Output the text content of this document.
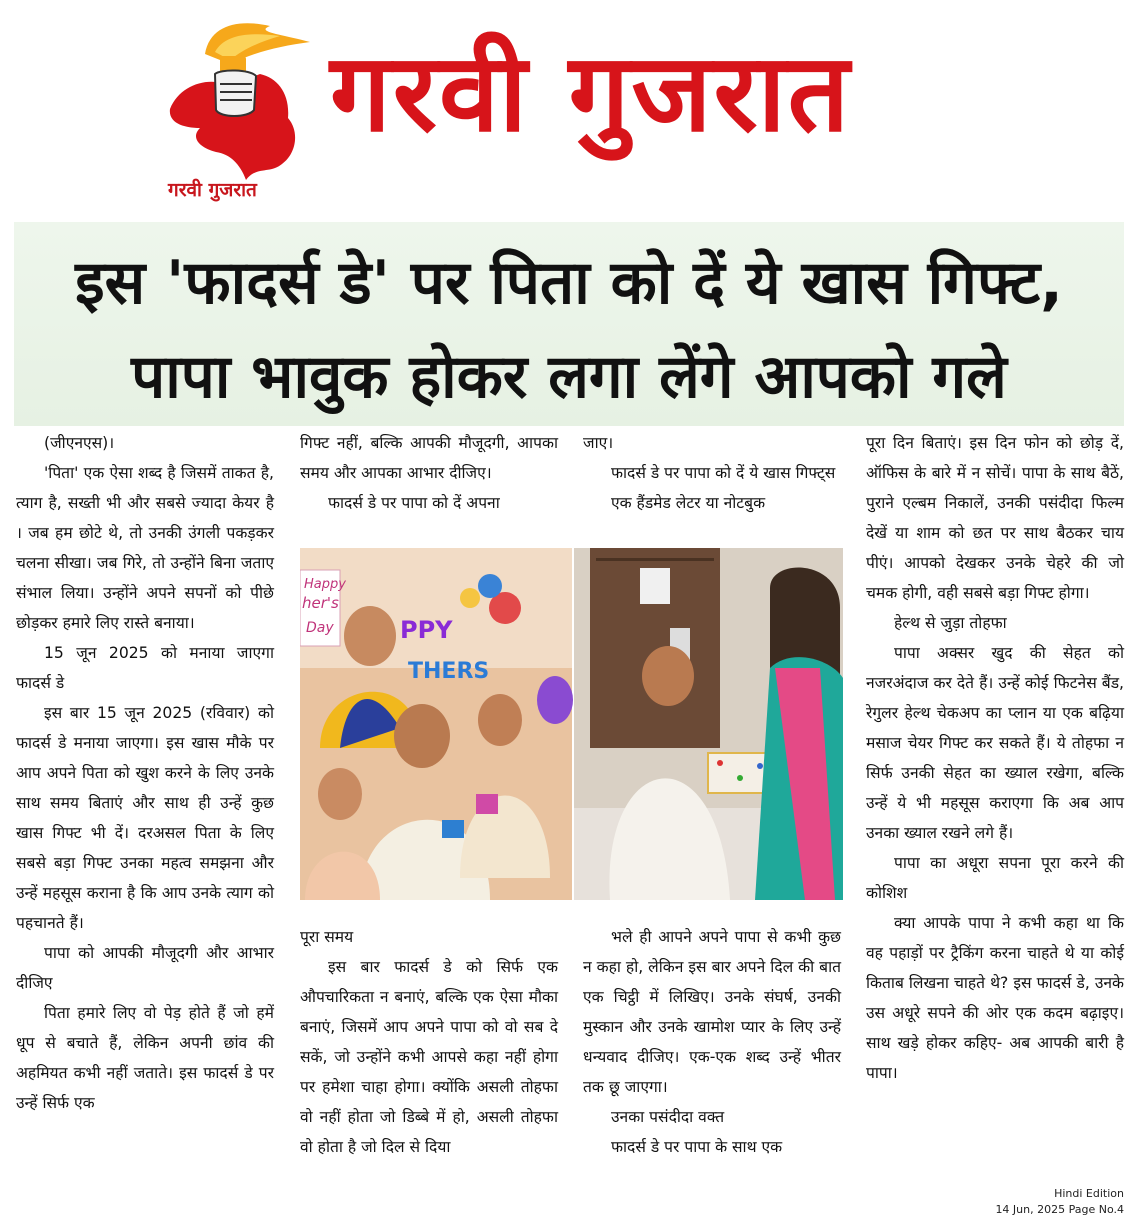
गरवी गुजरात
गरवी गुजरात
इस 'फादर्स डे' पर पिता को दें ये खास गिफ्ट,
पापा भावुक होकर लगा लेंगे आपको गले

(जीएनएस)।

'पिता' एक ऐसा शब्द है जिसमें ताकत है, त्याग है, सख्ती भी और सबसे ज्यादा केयर है । जब हम छोटे थे, तो उनकी उंगली पकड़कर चलना सीखा। जब गिरे, तो उन्होंने बिना जताए संभाल लिया। उन्होंने अपने सपनों को पीछे छोड़कर हमारे लिए रास्ते बनाया।

15 जून 2025 को मनाया जाएगा फादर्स डे

इस बार 15 जून 2025 (रविवार) को फादर्स डे मनाया जाएगा। इस खास मौके पर आप अपने पिता को खुश करने के लिए उनके साथ समय बिताएं और साथ ही उन्हें कुछ खास गिफ्ट भी दें। दरअसल पिता के लिए सबसे बड़ा गिफ्ट उनका महत्व समझना और उन्हें महसूस कराना है कि आप उनके त्याग को पहचानते हैं।

पापा को आपकी मौजूदगी और आभार दीजिए

पिता हमारे लिए वो पेड़ होते हैं जो हमें धूप से बचाते हैं, लेकिन अपनी छांव की अहमियत कभी नहीं जताते। इस फादर्स डे पर उन्हें सिर्फ एक

गिफ्ट नहीं, बल्कि आपकी मौजूदगी, आपका समय और आपका आभार दीजिए।

फादर्स डे पर पापा को दें अपना

जाए।

फादर्स डे पर पापा को दें ये खास गिफ्ट्स

एक हैंडमेड लेटर या नोटबुक

Happy
her's
Day	PPY
THERS

पूरा समय

इस बार फादर्स डे को सिर्फ एक औपचारिकता न बनाएं, बल्कि एक ऐसा मौका बनाएं, जिसमें आप अपने पापा को वो सब दे सकें, जो उन्होंने कभी आपसे कहा नहीं होगा पर हमेशा चाहा होगा। क्योंकि असली तोहफा वो नहीं होता जो डिब्बे में हो, असली तोहफा वो होता है जो दिल से दिया

भले ही आपने अपने पापा से कभी कुछ न कहा हो, लेकिन इस बार अपने दिल की बात एक चिट्ठी में लिखिए। उनके संघर्ष, उनकी मुस्कान और उनके खामोश प्यार के लिए उन्हें धन्यवाद दीजिए। एक-एक शब्द उन्हें भीतर तक छू जाएगा।

उनका पसंदीदा वक्त

फादर्स डे पर पापा के साथ एक

पूरा दिन बिताएं। इस दिन फोन को छोड़ दें, ऑफिस के बारे में न सोचें। पापा के साथ बैठें, पुराने एल्बम निकालें, उनकी पसंदीदा फिल्म देखें या शाम को छत पर साथ बैठकर चाय पीएं। आपको देखकर उनके चेहरे की जो चमक होगी, वही सबसे बड़ा गिफ्ट होगा।

हेल्थ से जुड़ा तोहफा

पापा अक्सर खुद की सेहत को नजरअंदाज कर देते हैं। उन्हें कोई फिटनेस बैंड, रेगुलर हेल्थ चेकअप का प्लान या एक बढ़िया मसाज चेयर गिफ्ट कर सकते हैं। ये तोहफा न सिर्फ उनकी सेहत का ख्याल रखेगा, बल्कि उन्हें ये भी महसूस कराएगा कि अब आप उनका ख्याल रखने लगे हैं।

पापा का अधूरा सपना पूरा करने की कोशिश

क्या आपके पापा ने कभी कहा था कि वह पहाड़ों पर ट्रैकिंग करना चाहते थे या कोई किताब लिखना चाहते थे? इस फादर्स डे, उनके उस अधूरे सपने की ओर एक कदम बढ़ाइए। साथ खड़े होकर कहिए- अब आपकी बारी है पापा।

Hindi Edition
14 Jun, 2025 Page No.4
